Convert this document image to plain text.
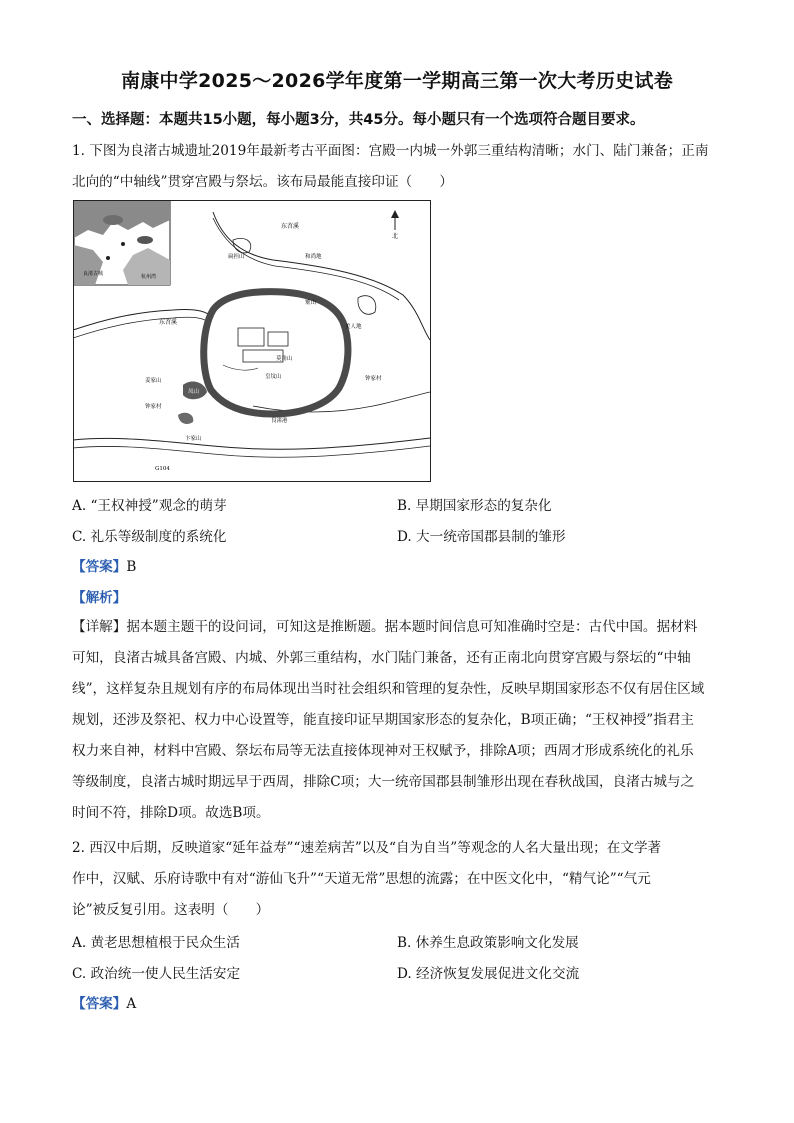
南康中学2025～2026学年度第一学期高三第一次大考历史试卷
一、选择题：本题共15小题，每小题3分，共45分。每小题只有一个选项符合题目要求。
1. 下图为良渚古城遗址2019年最新考古平面图：宫殿一内城一外郭三重结构清晰；水门、陆门兼备；正南
北向的“中轴线”贯穿宫殿与祭坛。该布局最能直接印证（　　）
良渚古城	杭州湾
东苕溪
东苕溪
凤山
雉山
莫角山
皇坟山
钟家村
钟家村
良渚港
G104
姜家山
扁担山	和尚地
卞家山
美人地
北
A. “王权神授”观念的萌芽	B. 早期国家形态的复杂化
C. 礼乐等级制度的系统化	D. 大一统帝国郡县制的雏形
【答案】B
【解析】
【详解】据本题主题干的设问词，可知这是推断题。据本题时间信息可知准确时空是：古代中国。据材料
可知，良渚古城具备宫殿、内城、外郭三重结构，水门陆门兼备，还有正南北向贯穿宫殿与祭坛的“中轴
线”，这样复杂且规划有序的布局体现出当时社会组织和管理的复杂性，反映早期国家形态不仅有居住区域
规划，还涉及祭祀、权力中心设置等，能直接印证早期国家形态的复杂化，B项正确；“王权神授”指君主
权力来自神，材料中宫殿、祭坛布局等无法直接体现神对王权赋予，排除A项；西周才形成系统化的礼乐
等级制度，良渚古城时期远早于西周，排除C项；大一统帝国郡县制雏形出现在春秋战国，良渚古城与之
时间不符，排除D项。故选B项。
2. 西汉中后期，反映道家“延年益寿”“速差病苦”以及“自为自当”等观念的人名大量出现；在文学著
作中，汉赋、乐府诗歌中有对“游仙飞升”“天道无常”思想的流露；在中医文化中，“精气论”“气元
论”被反复引用。这表明（　　）
A. 黄老思想植根于民众生活	B. 休养生息政策影响文化发展
C. 政治统一使人民生活安定	D. 经济恢复发展促进文化交流
【答案】A
